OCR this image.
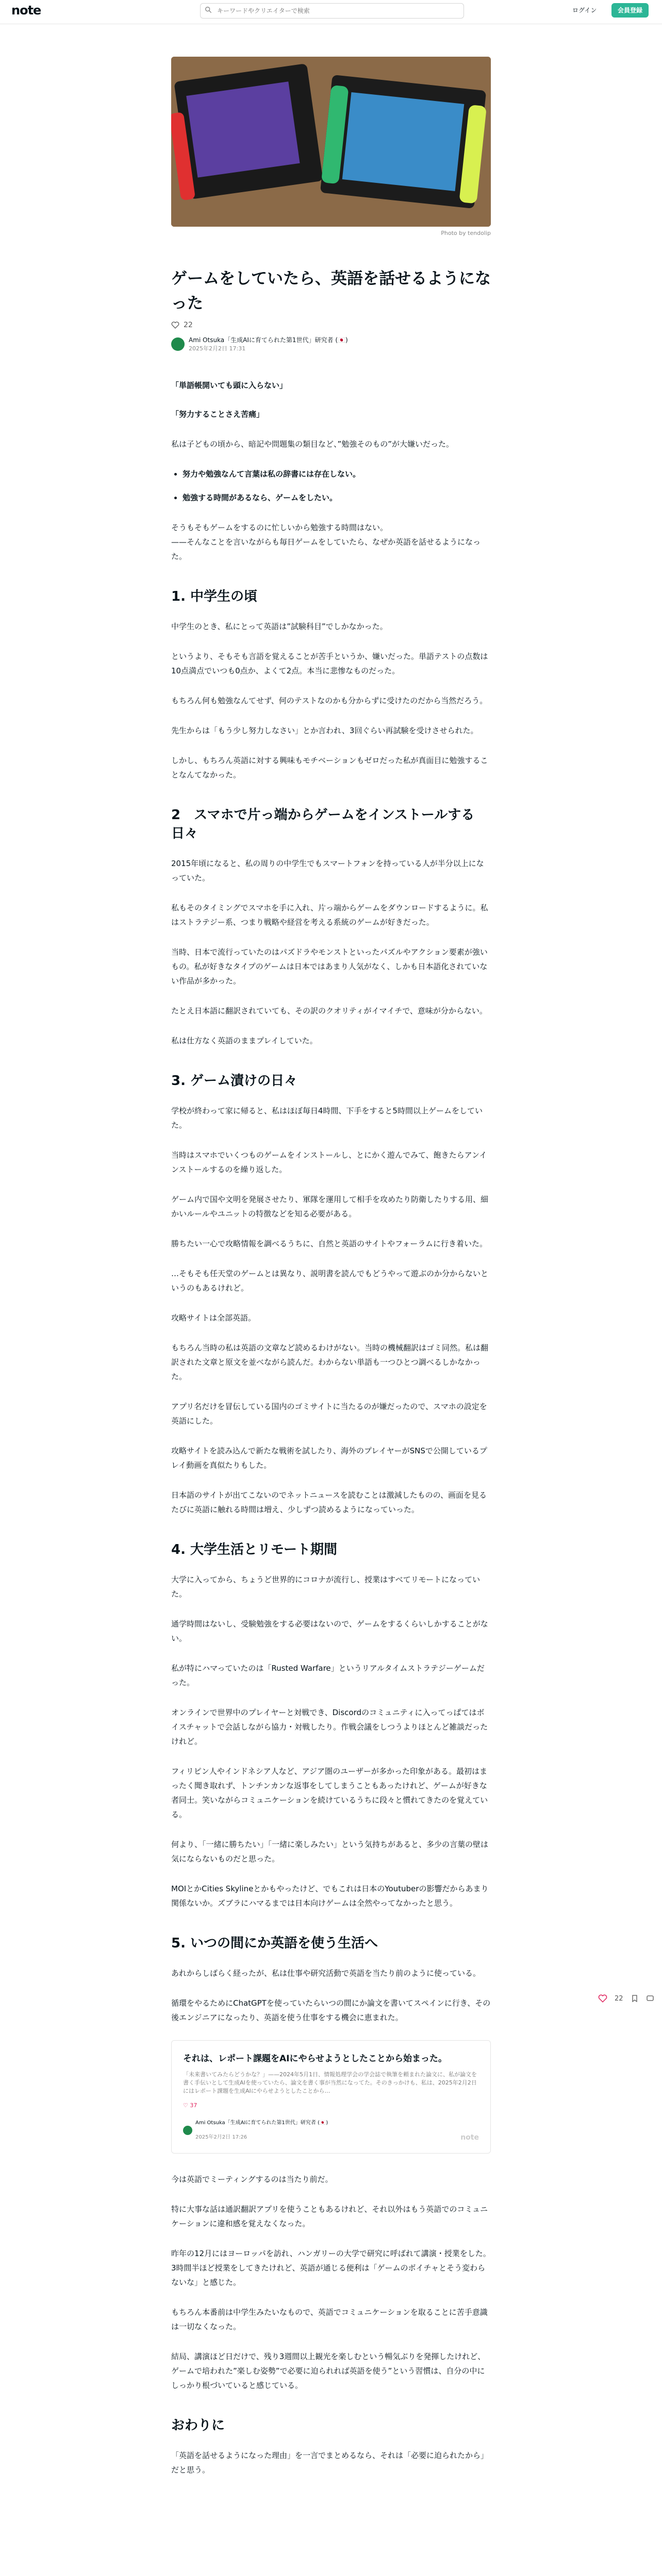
note
キーワードやクリエイターで検索	ログイン	会員登録
Photo by tendolip
ゲームをしていたら、英語を話せるようになった
22
Ami Otsuka「生成AIに育てられた第1世代」研究者 (🇯🇵)
2025年2月2日 17:31

「単語帳開いても頭に入らない」

「努力することさえ苦痛」

私は子どもの頃から、暗記や問題集の類目など、”勉強そのもの”が大嫌いだった。

• 努力や勉強なんて言葉は私の辞書には存在しない。
• 勉強する時間があるなら、ゲームをしたい。

そうもそもゲームをするのに忙しいから勉強する時間はない。
——そんなことを言いながらも毎日ゲームをしていたら、なぜか英語を話せるようになった。

1. 中学生の頃

中学生のとき、私にとって英語は”試験科目”でしかなかった。

というより、そもそも言語を覚えることが苦手というか、嫌いだった。単語テストの点数は10点満点でいつも0点か、よくて2点。本当に悲惨なものだった。

もちろん何も勉強なんてせず、何のテストなのかも分からずに受けたのだから当然だろう。

先生からは「もう少し努力しなさい」とか言われ、3回ぐらい再試験を受けさせられた。

しかし、もちろん英語に対する興味もモチベーションもゼロだった私が真面目に勉強することなんてなかった。

2　スマホで片っ端からゲームをインストールする日々

2015年頃になると、私の周りの中学生でもスマートフォンを持っている人が半分以上になっていた。

私もそのタイミングでスマホを手に入れ、片っ端からゲームをダウンロードするように。私はストラテジー系、つまり戦略や経営を考える系統のゲームが好きだった。

当時、日本で流行っていたのはパズドラやモンストといったパズルやアクション要素が強いもの。私が好きなタイプのゲームは日本ではあまり人気がなく、しかも日本語化されていない作品が多かった。

たとえ日本語に翻訳されていても、その訳のクオリティがイマイチで、意味が分からない。

私は仕方なく英語のままプレイしていた。

3. ゲーム漬けの日々

学校が終わって家に帰ると、私はほぼ毎日4時間、下手をすると5時間以上ゲームをしていた。

当時はスマホでいくつものゲームをインストールし、とにかく遊んでみて、飽きたらアンインストールするのを繰り返した。

ゲーム内で国や文明を発展させたり、軍隊を運用して相手を攻めたり防衛したりする用、細かいルールやユニットの特徴などを知る必要がある。

勝ちたい一心で攻略情報を調べるうちに、自然と英語のサイトやフォーラムに行き着いた。

…そもそも任天堂のゲームとは異なり、説明書を読んでもどうやって遊ぶのか分からないというのもあるけれど。

攻略サイトは全部英語。

もちろん当時の私は英語の文章など読めるわけがない。当時の機械翻訳はゴミ同然。私は翻訳された文章と原文を並べながら読んだ。わからない単語も一つひとつ調べるしかなかった。

アプリ名だけを冒伝している国内のゴミサイトに当たるのが嫌だったので、スマホの設定を英語にした。

攻略サイトを読み込んで新たな戦術を試したり、海外のプレイヤーがSNSで公開しているプレイ動画を真似たりもした。

日本語のサイトが出てこないのでネットニュースを読むことは激減したものの、画面を見るたびに英語に触れる時間は増え、少しずつ読めるようになっていった。

4. 大学生活とリモート期間

大学に入ってから、ちょうど世界的にコロナが流行し、授業はすべてリモートになっていた。

通学時間はないし、受験勉強をする必要はないので、ゲームをするくらいしかすることがない。

私が特にハマっていたのは「Rusted Warfare」というリアルタイムストラテジーゲームだった。

オンラインで世界中のプレイヤーと対戦でき、Discordのコミュニティに入ってっぱてはボイスチャットで会話しながら協力・対戦したり。作戦会議をしつうよりほとんど雑談だったけれど。

フィリピン人やインドネシア人など、アジア圏のユーザーが多かった印象がある。最初はまったく聞き取れず、トンチンカンな返事をしてしまうこともあったけれど、ゲームが好きな者同士。笑いながらコミュニケーションを続けているうちに段々と慣れてきたのを覚えている。

何より、「一緒に勝ちたい」「一緒に楽しみたい」という気持ちがあると、多少の言葉の壁は気にならないものだと思った。

MOIとかCities Skylineとかもやったけど、でもこれは日本のYoutuberの影響だからあまり関係ないか。ズブラにハマるまでは日本向けゲームは全然やってなかったと思う。

5. いつの間にか英語を使う生活へ

あれからしばらく経ったが、私は仕事や研究活動で英語を当たり前のように使っている。

循環をやるためにChatGPTを使っていたらいつの間にか論文を書いてスペインに行き、その後エンジニアになったり、英語を使う仕事をする機会に恵まれた。

それは、レポート課題をAIにやらせようとしたことから始まった。
「未来書いてみたらどうかな？」——2024年5月1日、情報処理学会の学会誌で執筆を頼まれた論文に、私が論文を書く手伝いとして生成AIを使っていたら、論文を書く事が当然になってた。そのきっかけも、私は、2025年2月2日にはレポート課題を生成AIにやらせようとしたことから…
♡ 37
Ami Otsuka「生成AIに育てられた第1世代」研究者 (🇯🇵)
2025年2月2日 17:26	note

今は英語でミーティングするのは当たり前だ。

特に大事な話は通訳翻訳アプリを使うこともあるけれど、それ以外はもう英語でのコミュニケーションに違和感を覚えなくなった。

昨年の12月にはヨーロッパを訪れ、ハンガリーの大学で研究に呼ばれて講演・授業をした。3時間半ほど授業をしてきたけれど、英語が通じる便利は「ゲームのボイチャとそう変わらないな」と感じた。

もちろん本番前は中学生みたいなもので、英語でコミュニケーションを取ることに苦手意識は一切なくなった。

結局、講演ほど日だけで、残り3週間以上観光を楽しむという暢気ぶりを発揮したけれど、ゲームで培われた”楽しむ姿勢”で必要に迫られれば英語を使う”という習慣は、自分の中にしっかり根づいていると感じている。

おわりに

「英語を話せるようになった理由」を一言でまとめるなら、それは「必要に迫られたから」だと思う。

22
